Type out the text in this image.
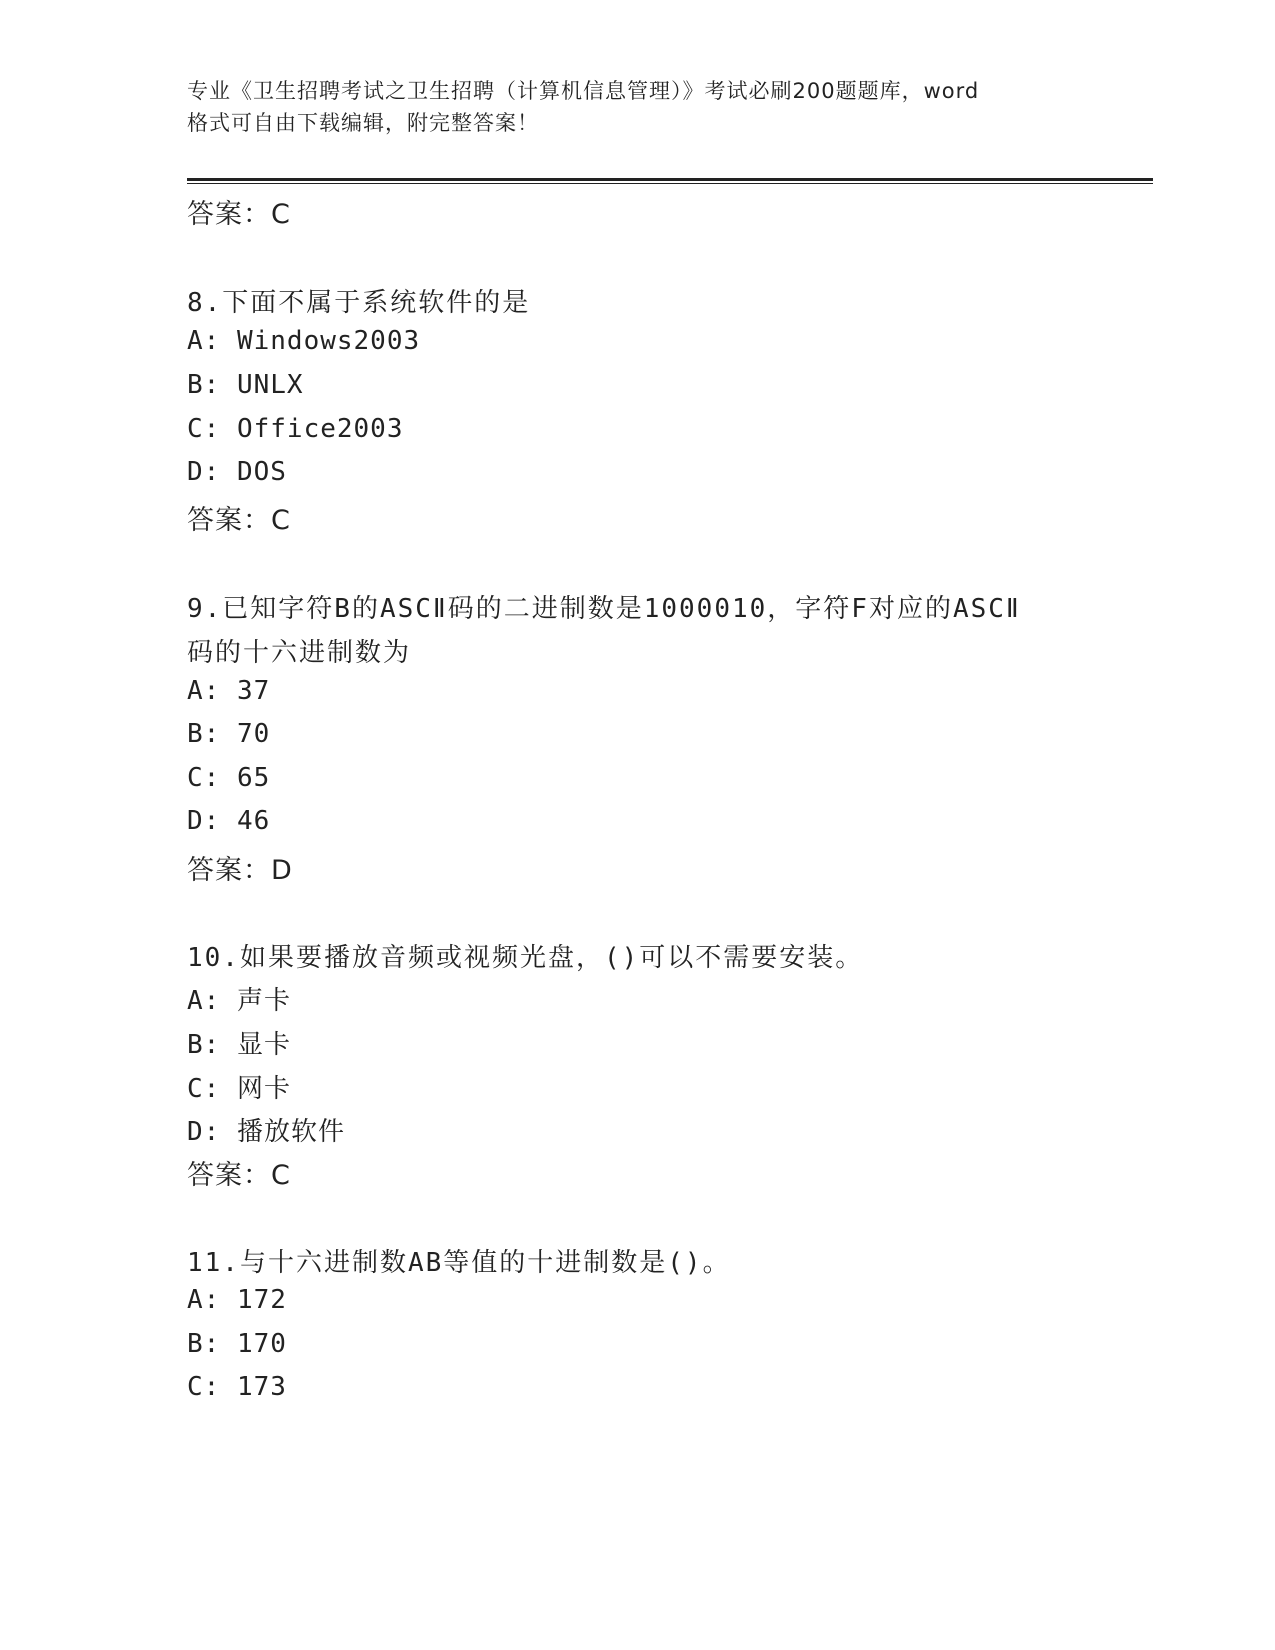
专业《卫生招聘考试之卫生招聘（计算机信息管理）》考试必刷200题题库，word
格式可自由下载编辑，附完整答案！
答案：C
8.下面不属于系统软件的是
A: Windows2003
B: UNLX
C: Office2003
D: DOS
答案：C
9.已知字符B的ASCⅡ码的二进制数是1000010，字符F对应的ASCⅡ
码的十六进制数为
A: 37
B: 70
C: 65
D: 46
答案：D
10.如果要播放音频或视频光盘，()可以不需要安装。
A: 声卡
B: 显卡
C: 网卡
D: 播放软件
答案：C
11.与十六进制数AB等值的十进制数是()。
A: 172
B: 170
C: 173
